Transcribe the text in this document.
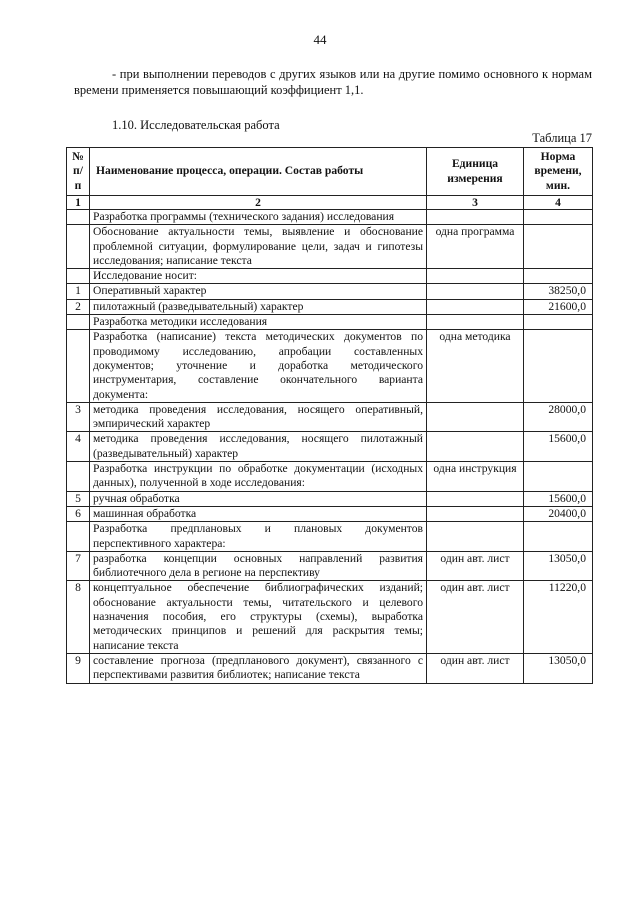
44
- при выполнении переводов с других языков или на другие помимо основного к нормам времени применяется повышающий коэффициент 1,1.
1.10. Исследовательская работа
Таблица 17
№ п/п	Наименование процесса, операции. Состав работы	Единица измерения	Норма времени, мин.
1	2	3	4
	Разработка программы (технического задания) исследования		
	Обоснование актуальности темы, выявление и обоснование проблемной ситуации, формулирование цели, задач и гипотезы исследования; написание текста	одна программа	
	Исследование носит:		
1	Оперативный характер		38250,0
2	пилотажный (разведывательный) характер		21600,0
	Разработка методики исследования		
	Разработка (написание) текста методических документов по проводимому исследованию, апробации составленных документов; уточнение и доработка методического инструментария, составление окончательного варианта документа:	одна методика	
3	методика проведения исследования, носящего оперативный, эмпирический характер		28000,0
4	методика проведения исследования, носящего пилотажный (разведывательный) характер		15600,0
	Разработка инструкции по обработке документации (исходных данных), полученной в ходе исследования:	одна инструкция	
5	ручная обработка		15600,0
6	машинная обработка		20400,0
	Разработка предплановых и плановых документов перспективного характера:		
7	разработка концепции основных направлений развития библиотечного дела в регионе на перспективу	один авт. лист	13050,0
8	концептуальное обеспечение библиографических изданий; обоснование актуальности темы, читательского и целевого назначения пособия, его структуры (схемы), выработка методических принципов и решений для раскрытия темы; написание текста	один авт. лист	11220,0
9	составление прогноза (предпланового документ), связанного с перспективами развития библиотек; написание текста	один авт. лист	13050,0
